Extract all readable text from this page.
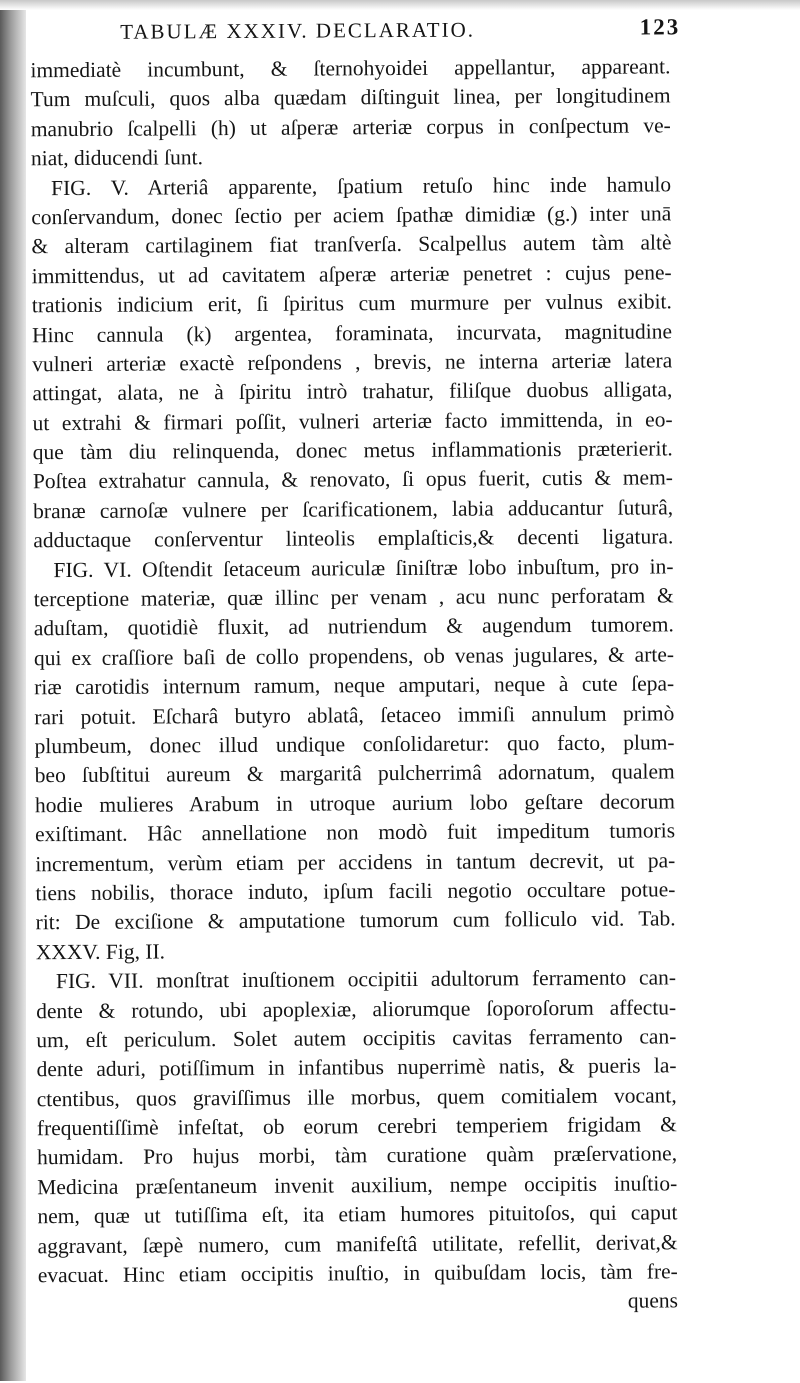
TABULÆ XXXIV. DECLARATIO.	123
immediatè incumbunt, & ſternohyoidei appellantur, appareant.
Tum muſculi, quos alba quædam diſtinguit linea, per longitudinem
manubrio ſcalpelli (h) ut aſperæ arteriæ corpus in conſpectum ve-
niat, diducendi ſunt.
FIG. V. Arteriâ apparente, ſpatium retuſo hinc inde hamulo
conſervandum, donec ſectio per aciem ſpathæ dimidiæ (g.) inter unā
& alteram cartilaginem fiat tranſverſa. Scalpellus autem tàm altè
immittendus, ut ad cavitatem aſperæ arteriæ penetret : cujus pene-
trationis indicium erit, ſi ſpiritus cum murmure per vulnus exibit.
Hinc cannula (k) argentea, foraminata, incurvata, magnitudine
vulneri arteriæ exactè reſpondens , brevis, ne interna arteriæ latera
attingat, alata, ne à ſpiritu intrò trahatur, filiſque duobus alligata,
ut extrahi & firmari poſſit, vulneri arteriæ facto immittenda, in eo-
que tàm diu relinquenda, donec metus inflammationis præterierit.
Poſtea extrahatur cannula, & renovato, ſi opus fuerit, cutis & mem-
branæ carnoſæ vulnere per ſcarificationem, labia adducantur ſuturâ,
adductaque conſerventur linteolis emplaſticis,& decenti ligatura.
FIG. VI. Oſtendit ſetaceum auriculæ ſiniſtræ lobo inbuſtum, pro in-
terceptione materiæ, quæ illinc per venam , acu nunc perforatam &
aduſtam, quotidiè fluxit, ad nutriendum & augendum tumorem.
qui ex craſſiore baſi de collo propendens, ob venas jugulares, & arte-
riæ carotidis internum ramum, neque amputari, neque à cute ſepa-
rari potuit. Eſcharâ butyro ablatâ, ſetaceo immiſi annulum primò
plumbeum, donec illud undique conſolidaretur: quo facto, plum-
beo ſubſtitui aureum & margaritâ pulcherrimâ adornatum, qualem
hodie mulieres Arabum in utroque aurium lobo geſtare decorum
exiſtimant. Hâc annellatione non modò fuit impeditum tumoris
incrementum, verùm etiam per accidens in tantum decrevit, ut pa-
tiens nobilis, thorace induto, ipſum facili negotio occultare potue-
rit: De exciſione & amputatione tumorum cum folliculo vid. Tab.
XXXV. Fig, II.
FIG. VII. monſtrat inuſtionem occipitii adultorum ferramento can-
dente & rotundo, ubi apoplexiæ, aliorumque ſoporoſorum affectu-
um, eſt periculum. Solet autem occipitis cavitas ferramento can-
dente aduri, potiſſimum in infantibus nuperrimè natis, & pueris la-
ctentibus, quos graviſſimus ille morbus, quem comitialem vocant,
frequentiſſimè infeſtat, ob eorum cerebri temperiem frigidam &
humidam. Pro hujus morbi, tàm curatione quàm præſervatione,
Medicina præſentaneum invenit auxilium, nempe occipitis inuſtio-
nem, quæ ut tutiſſima eſt, ita etiam humores pituitoſos, qui caput
aggravant, ſæpè numero, cum manifeſtâ utilitate, refellit, derivat,&
evacuat. Hinc etiam occipitis inuſtio, in quibuſdam locis, tàm fre-
quens
